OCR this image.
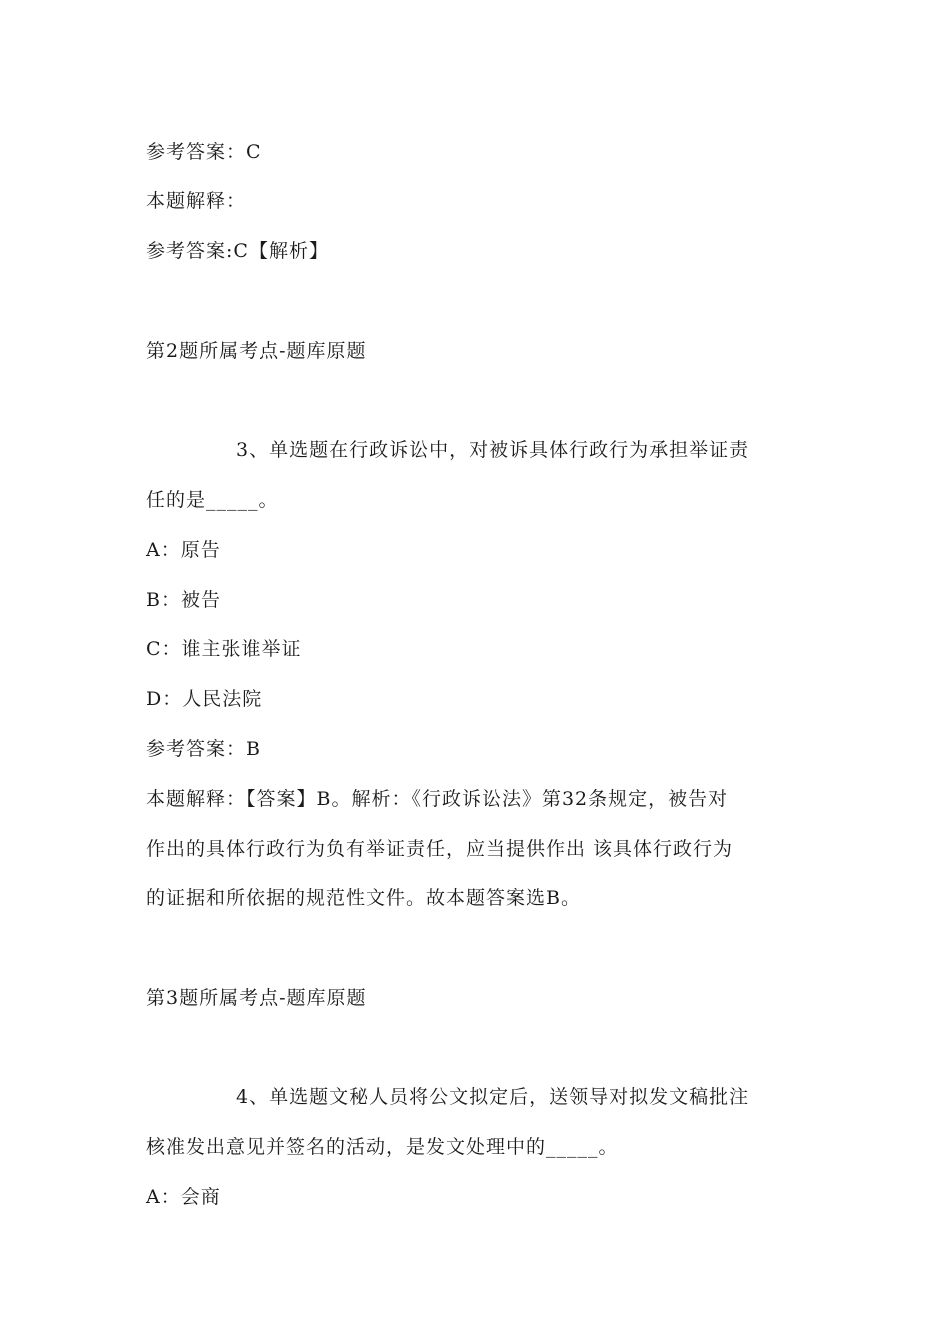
参考答案：C
本题解释：
参考答案:C【解析】
第2题所属考点-题库原题
3、单选题在行政诉讼中，对被诉具体行政行为承担举证责
任的是_____。
A：原告
B：被告
C：谁主张谁举证
D：人民法院
参考答案：B
本题解释：【答案】B。解析：《行政诉讼法》第32条规定，被告对
作出的具体行政行为负有举证责任，应当提供作出 该具体行政行为
的证据和所依据的规范性文件。故本题答案选B。
第3题所属考点-题库原题
4、单选题文秘人员将公文拟定后，送领导对拟发文稿批注
核准发出意见并签名的活动，是发文处理中的_____。
A：会商
